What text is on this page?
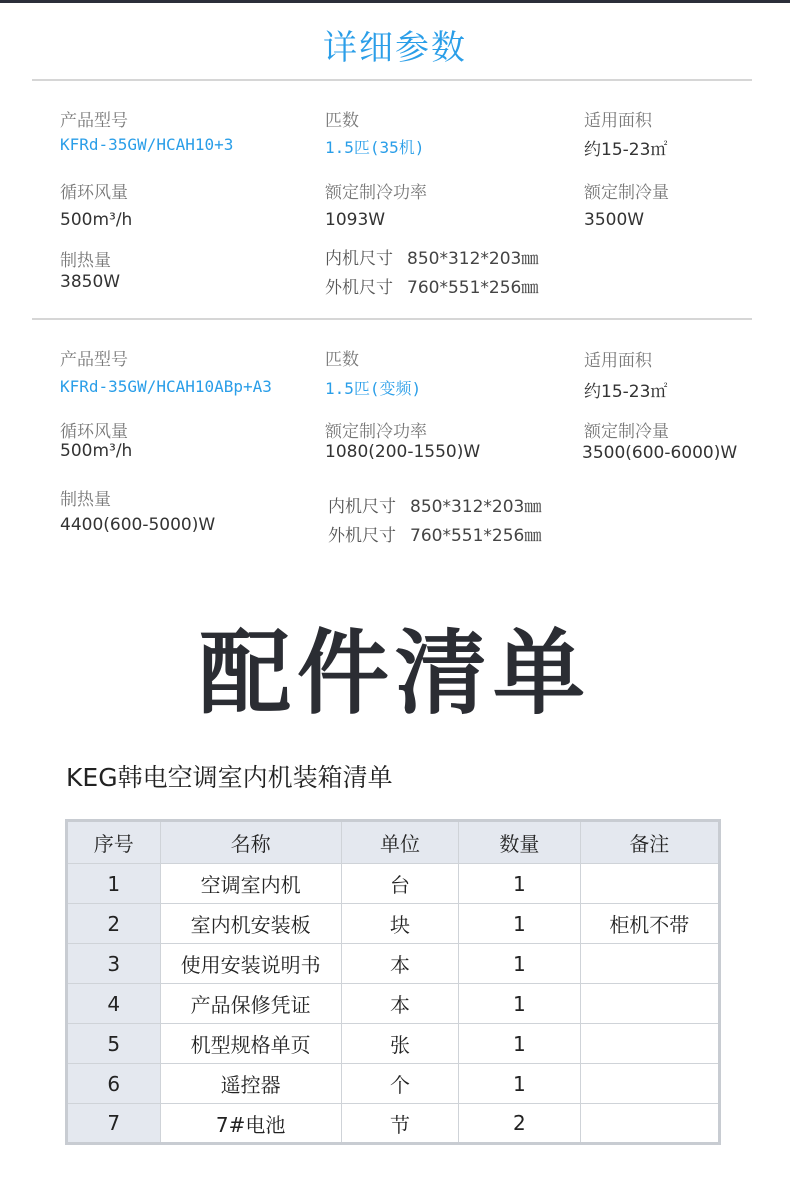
详细参数
产品型号
KFRd-35GW/HCAH10+3
匹数
1.5匹(35机)
适用面积
约15-23㎡
循环风量
500m³/h
额定制冷功率
1093W
额定制冷量
3500W
制热量
3850W
内机尺寸 850*312*203㎜
外机尺寸 760*551*256㎜
产品型号
KFRd-35GW/HCAH10ABp+A3
匹数
1.5匹(变频)
适用面积
约15-23㎡
循环风量
500m³/h
额定制冷功率
1080(200-1550)W
额定制冷量
3500(600-6000)W
制热量
4400(600-5000)W
内机尺寸 850*312*203㎜
外机尺寸 760*551*256㎜
配件清单
KEG韩电空调室内机装箱清单
序号	名称	单位	数量	备注
1	空调室内机	台	1	
2	室内机安装板	块	1	柜机不带
3	使用安装说明书	本	1	
4	产品保修凭证	本	1	
5	机型规格单页	张	1	
6	遥控器	个	1	
7	7#电池	节	2	
